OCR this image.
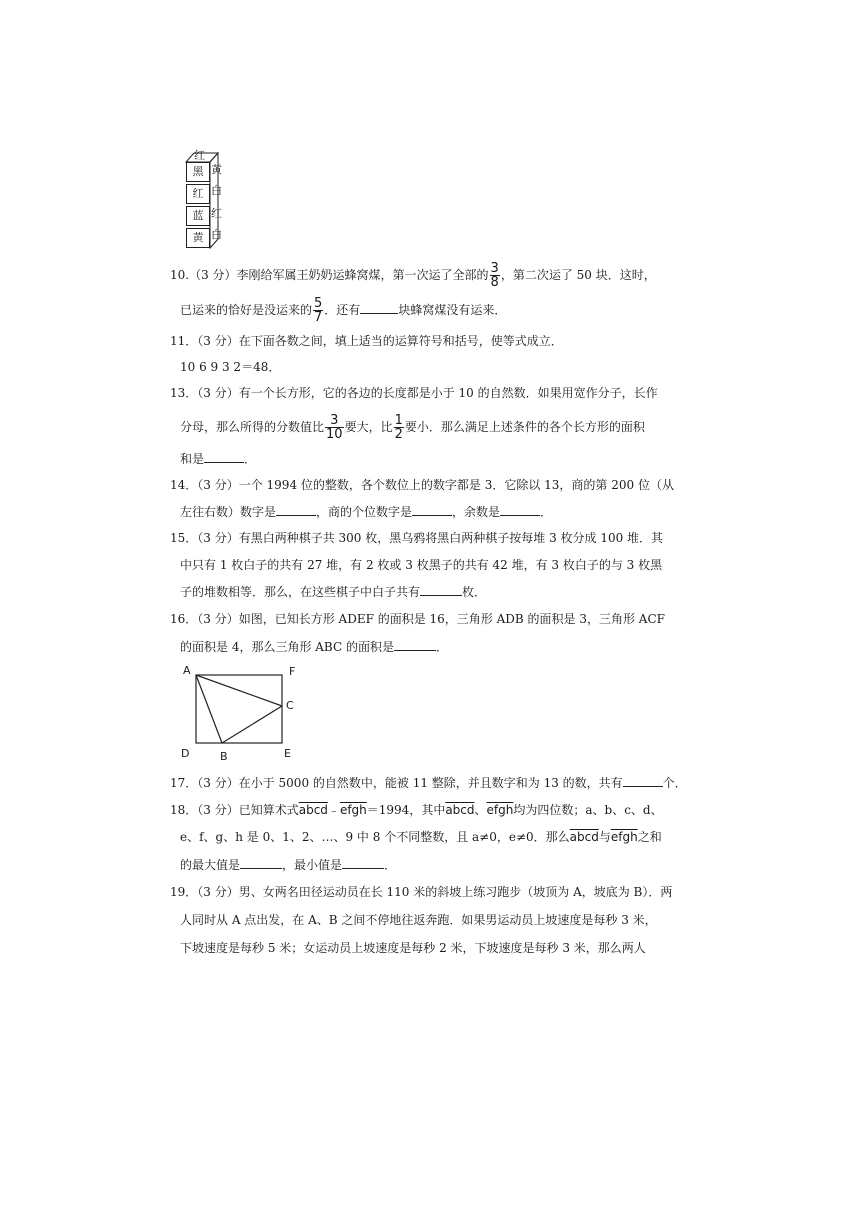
红
黑
红
蓝
黄
黄
白
红
白
10.（3 分）李刚给军属王奶奶运蜂窝煤，第一次运了全部的 $\frac{3}{8}$ ，第二次运了 50 块．这时，
已运来的恰好是没运来的 $\frac{5}{7}$ ．还有	块蜂窝煤没有运来．
11．（3 分）在下面各数之间，填上适当的运算符号和括号，使等式成立．
10 6 9 3 2＝48．
13．（3 分）有一个长方形，它的各边的长度都是小于 10 的自然数．如果用宽作分子，长作
分母，那么所得的分数值比 $\frac{3}{10}$ 要大，比 $\frac{1}{2}$ 要小．那么满足上述条件的各个长方形的面积
和是	．
14．（3 分）一个 1994 位的整数，各个数位上的数字都是 3．它除以 13，商的第 200 位（从
左往右数）数字是	，商的个位数字是	，余数是	．
15．（3 分）有黑白两种棋子共 300 枚，黑乌鸦将黑白两种棋子按每堆 3 枚分成 100 堆．其
中只有 1 枚白子的共有 27 堆，有 2 枚或 3 枚黑子的共有 42 堆，有 3 枚白子的与 3 枚黑
子的堆数相等．那么，在这些棋子中白子共有	枚．
16．（3 分）如图，已知长方形 ADEF 的面积是 16，三角形 ADB 的面积是 3，三角形 ACF
的面积是 4，那么三角形 ABC 的面积是	．
A	F
C
D	B	E
17．（3 分）在小于 5000 的自然数中，能被 11 整除，并且数字和为 13 的数，共有	个．
18．（3 分）已知算术式abcd﹣efgh＝1994，其中abcd、efgh均为四位数；a、b、c、d、
e、f、g、h 是 0、1、2、…、9 中 8 个不同整数，且 a≠0，e≠0．那么abcd与efgh之和
的最大值是	，最小值是	．
19．（3 分）男、女两名田径运动员在长 110 米的斜坡上练习跑步（坡顶为 A，坡底为 B）．两
人同时从 A 点出发，在 A、B 之间不停地往返奔跑．如果男运动员上坡速度是每秒 3 米，
下坡速度是每秒 5 米；女运动员上坡速度是每秒 2 米，下坡速度是每秒 3 米，那么两人
